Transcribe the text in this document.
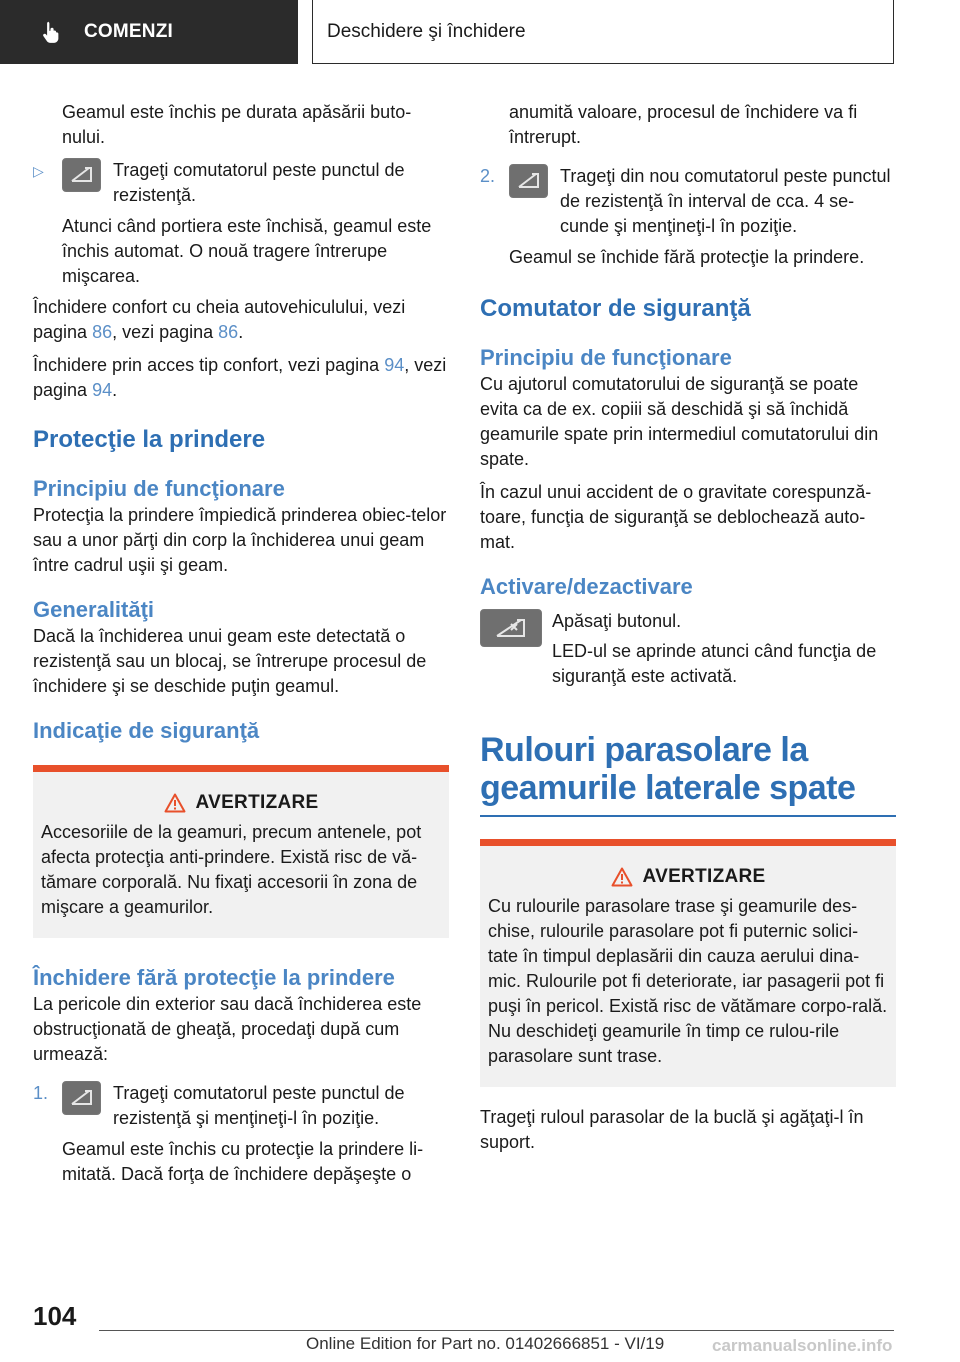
COMENZI	Deschidere şi închidere

Geamul este închis pe durata apăsării buto‐nului.

▷	Trageţi comutatorul peste punctul de rezistenţă.

Atunci când portiera este închisă, geamul este închis automat. O nouă tragere întrerupe mişcarea.

Închidere confort cu cheia autovehiculului, vezi pagina 86, vezi pagina 86.

Închidere prin acces tip confort, vezi pagina 94, vezi pagina 94.

Protecţie la prindere
Principiu de funcţionare

Protecţia la prindere împiedică prinderea obiec‐telor sau a unor părţi din corp la închiderea unui geam între cadrul uşii şi geam.

Generalităţi

Dacă la închiderea unui geam este detectată o rezistenţă sau un blocaj, se întrerupe procesul de închidere şi se deschide puţin geamul.

Indicaţie de siguranţă
AVERTIZARE

Accesoriile de la geamuri, precum antenele, pot afecta protecţia anti-prindere. Există risc de vă‐tămare corporală. Nu fixaţi accesorii în zona de mişcare a geamurilor.

Închidere fără protecţie la prindere

La pericole din exterior sau dacă închiderea este obstrucţionată de gheaţă, procedaţi după cum urmează:

1.	Trageţi comutatorul peste punctul de rezistenţă şi menţineţi-l în poziţie.

Geamul este închis cu protecţie la prindere li‐mitată. Dacă forţa de închidere depăşeşte o

anumită valoare, procesul de închidere va fi întrerupt.

2.	Trageţi din nou comutatorul peste punctul de rezistenţă în interval de cca. 4 se‐cunde şi menţineţi-l în poziţie.

Geamul se închide fără protecţie la prindere.

Comutator de siguranţă
Principiu de funcţionare

Cu ajutorul comutatorului de siguranţă se poate evita ca de ex. copiii să deschidă şi să închidă geamurile spate prin intermediul comutatorului din spate.

În cazul unui accident de o gravitate corespunză‐toare, funcţia de siguranţă se deblochează auto‐mat.

Activare/dezactivare

Apăsaţi butonul.

LED-ul se aprinde atunci când funcţia de siguranţă este activată.

Rulouri parasolare la geamurile laterale spate
AVERTIZARE

Cu rulourile parasolare trase şi geamurile des‐chise, rulourile parasolare pot fi puternic solici‐tate în timpul deplasării din cauza aerului dina‐mic. Rulourile pot fi deteriorate, iar pasagerii pot fi puşi în pericol. Există risc de vătămare corpo‐rală. Nu deschideţi geamurile în timp ce rulou‐rile parasolare sunt trase.

Trageţi ruloul parasolar de la buclă şi agăţaţi-l în suport.

104
Online Edition for Part no. 01402666851 - VI/19	carmanualsonline.info
